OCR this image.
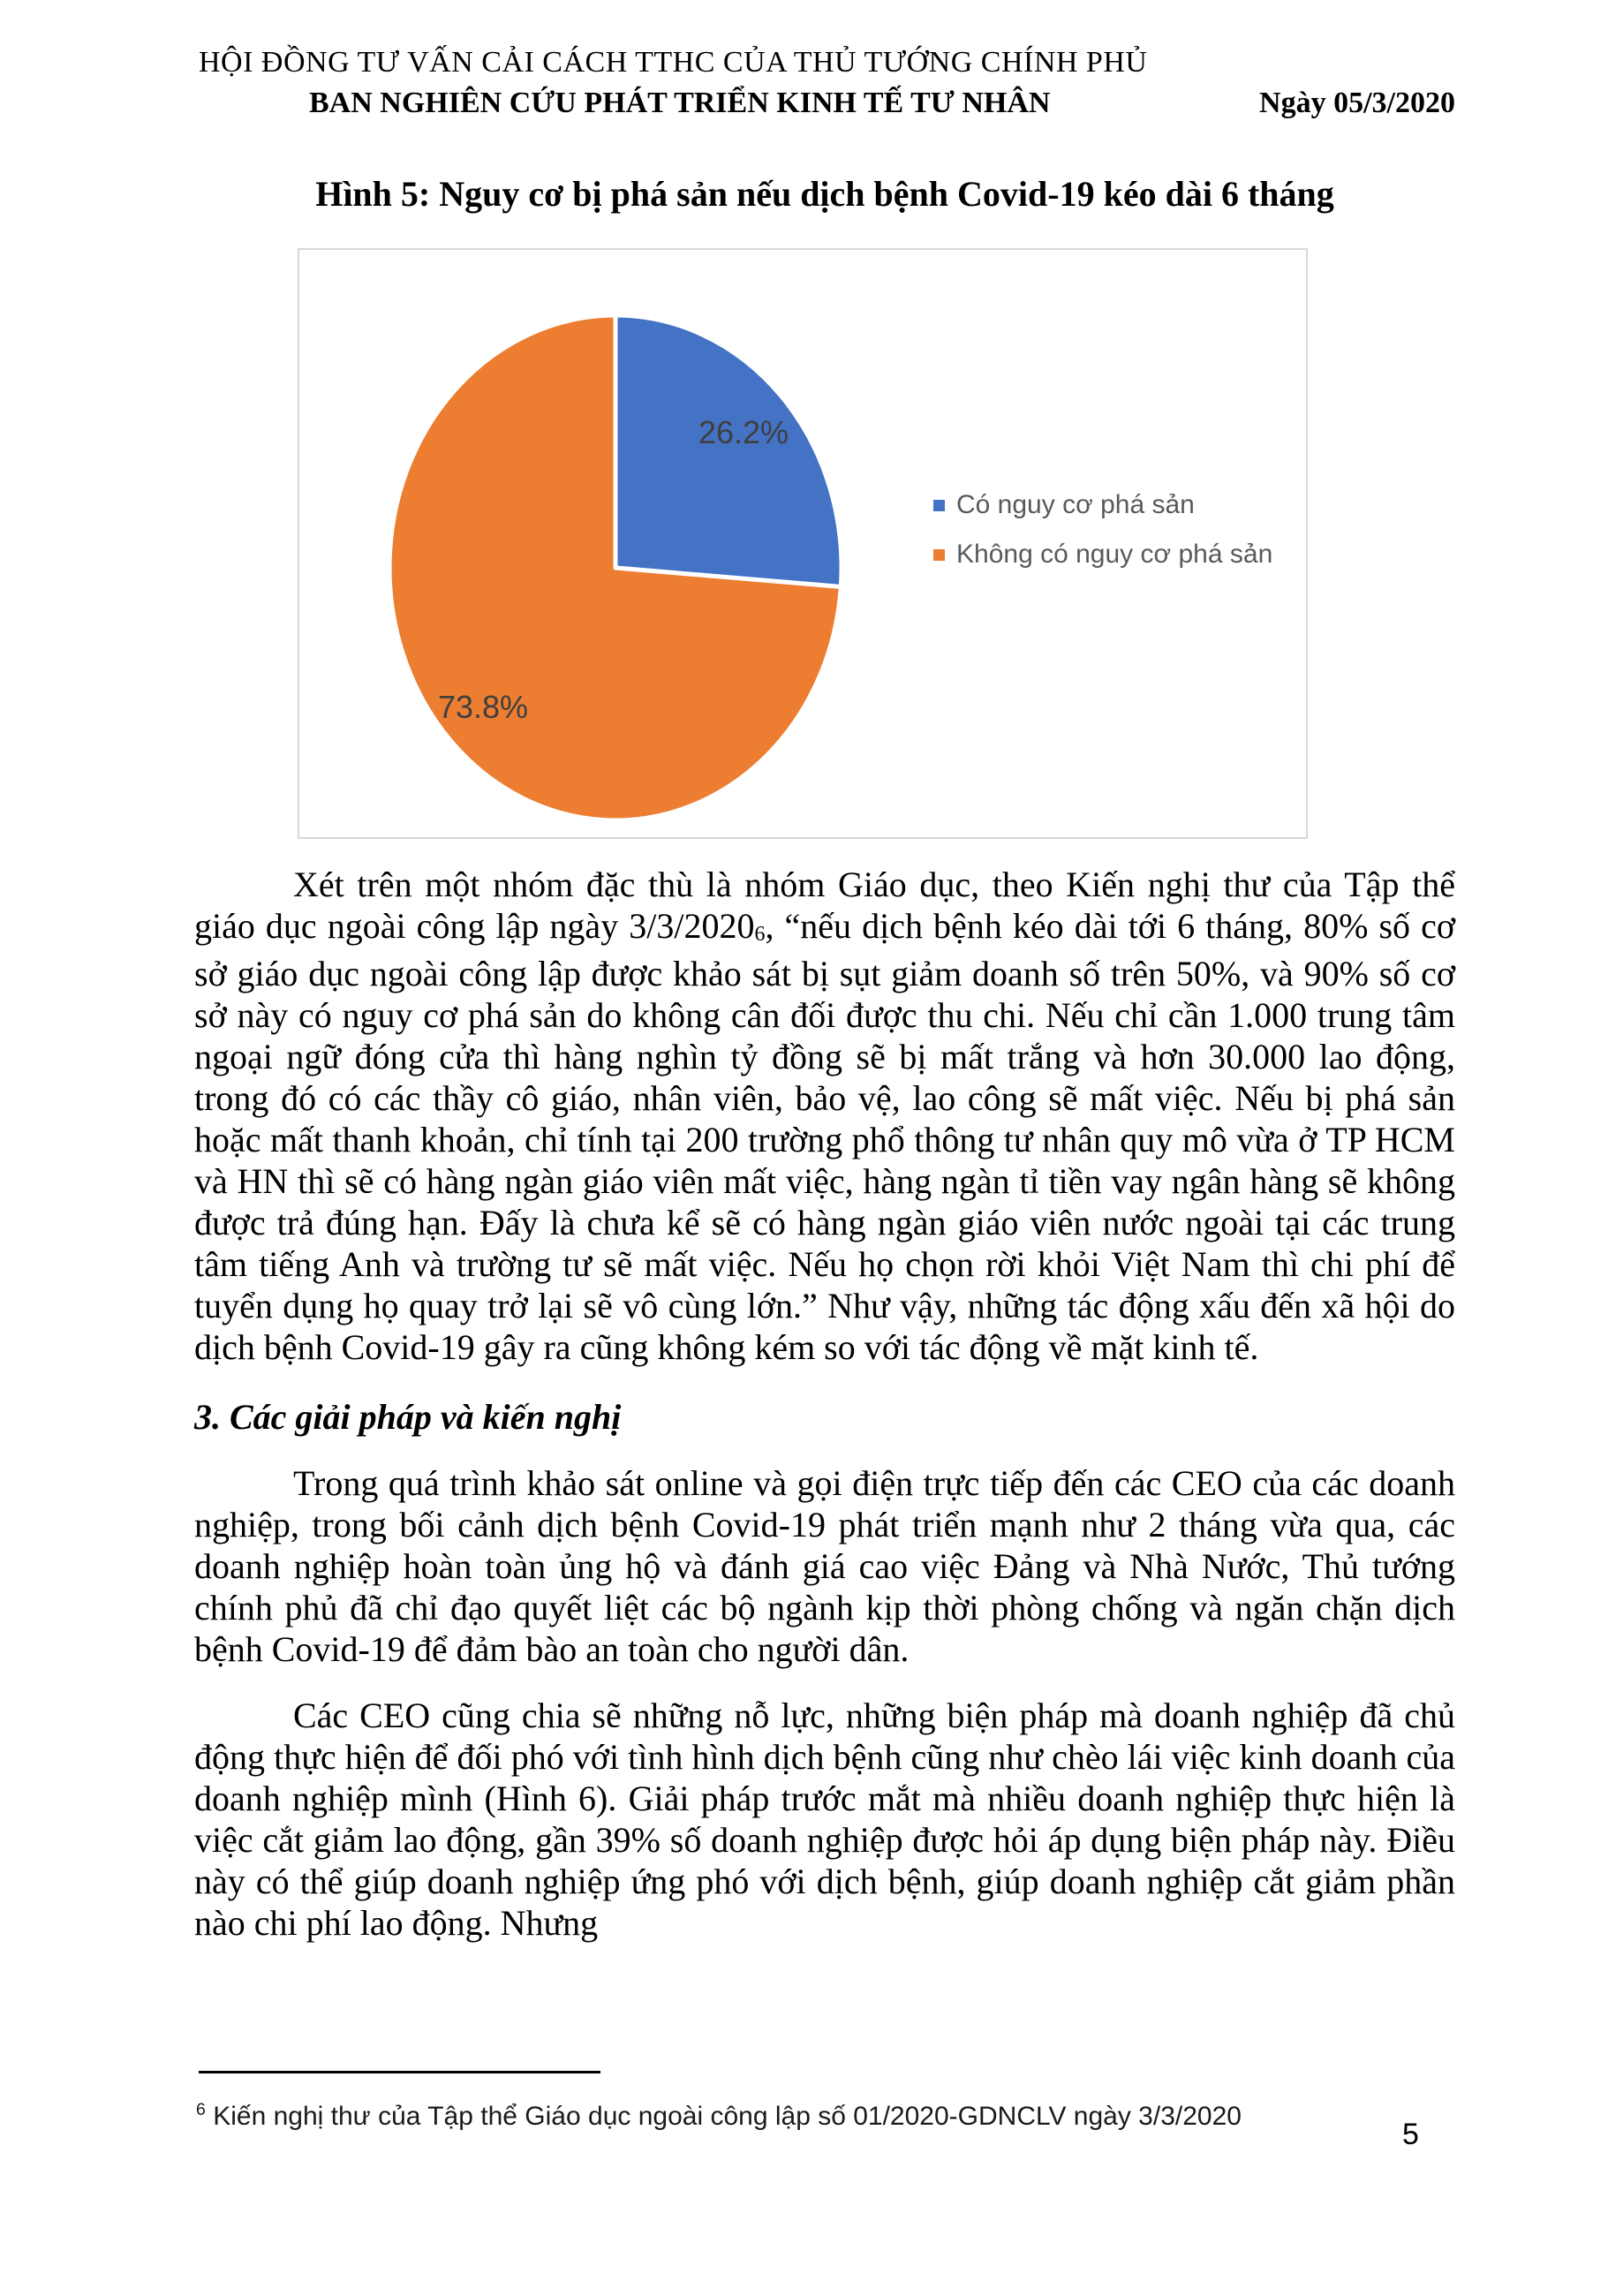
HỘI ĐỒNG TƯ VẤN CẢI CÁCH TTHC CỦA THỦ TƯỚNG CHÍNH PHỦ
BAN NGHIÊN CỨU PHÁT TRIỂN KINH TẾ TƯ NHÂN	Ngày 05/3/2020
Hình 5: Nguy cơ bị phá sản nếu dịch bệnh Covid-19 kéo dài 6 tháng
26.2%
73.8%
Có nguy cơ phá sản
Không có nguy cơ phá sản

Xét trên một nhóm đặc thù là nhóm Giáo dục, theo Kiến nghị thư của Tập thể giáo dục ngoài công lập ngày $3/3/2020_6$, “nếu dịch bệnh kéo dài tới 6 tháng, 80% số cơ sở giáo dục ngoài công lập được khảo sát bị sụt giảm doanh số trên 50%, và 90% số cơ sở này có nguy cơ phá sản do không cân đối được thu chi. Nếu chỉ cần 1.000 trung tâm ngoại ngữ đóng cửa thì hàng nghìn tỷ đồng sẽ bị mất trắng và hơn 30.000 lao động, trong đó có các thầy cô giáo, nhân viên, bảo vệ, lao công sẽ mất việc. Nếu bị phá sản hoặc mất thanh khoản, chỉ tính tại 200 trường phổ thông tư nhân quy mô vừa ở TP HCM và HN thì sẽ có hàng ngàn giáo viên mất việc, hàng ngàn tỉ tiền vay ngân hàng sẽ không được trả đúng hạn. Đấy là chưa kể sẽ có hàng ngàn giáo viên nước ngoài tại các trung tâm tiếng Anh và trường tư sẽ mất việc. Nếu họ chọn rời khỏi Việt Nam thì chi phí để tuyển dụng họ quay trở lại sẽ vô cùng lớn.” Như vậy, những tác động xấu đến xã hội do dịch bệnh Covid-19 gây ra cũng không kém so với tác động về mặt kinh tế.

3. Các giải pháp và kiến nghị

Trong quá trình khảo sát online và gọi điện trực tiếp đến các CEO của các doanh nghiệp, trong bối cảnh dịch bệnh Covid-19 phát triển mạnh như 2 tháng vừa qua, các doanh nghiệp hoàn toàn ủng hộ và đánh giá cao việc Đảng và Nhà Nước, Thủ tướng chính phủ đã chỉ đạo quyết liệt các bộ ngành kịp thời phòng chống và ngăn chặn dịch bệnh Covid-19 để đảm bào an toàn cho người dân.

Các CEO cũng chia sẽ những nỗ lực, những biện pháp mà doanh nghiệp đã chủ động thực hiện để đối phó với tình hình dịch bệnh cũng như chèo lái việc kinh doanh của doanh nghiệp mình (Hình 6). Giải pháp trước mắt mà nhiều doanh nghiệp thực hiện là việc cắt giảm lao động, gần 39% số doanh nghiệp được hỏi áp dụng biện pháp này. Điều này có thể giúp doanh nghiệp ứng phó với dịch bệnh, giúp doanh nghiệp cắt giảm phần nào chi phí lao động. Nhưng

$^6$ Kiến nghị thư của Tập thể Giáo dục ngoài công lập số 01/2020-GDNCLV ngày 3/3/2020
5
